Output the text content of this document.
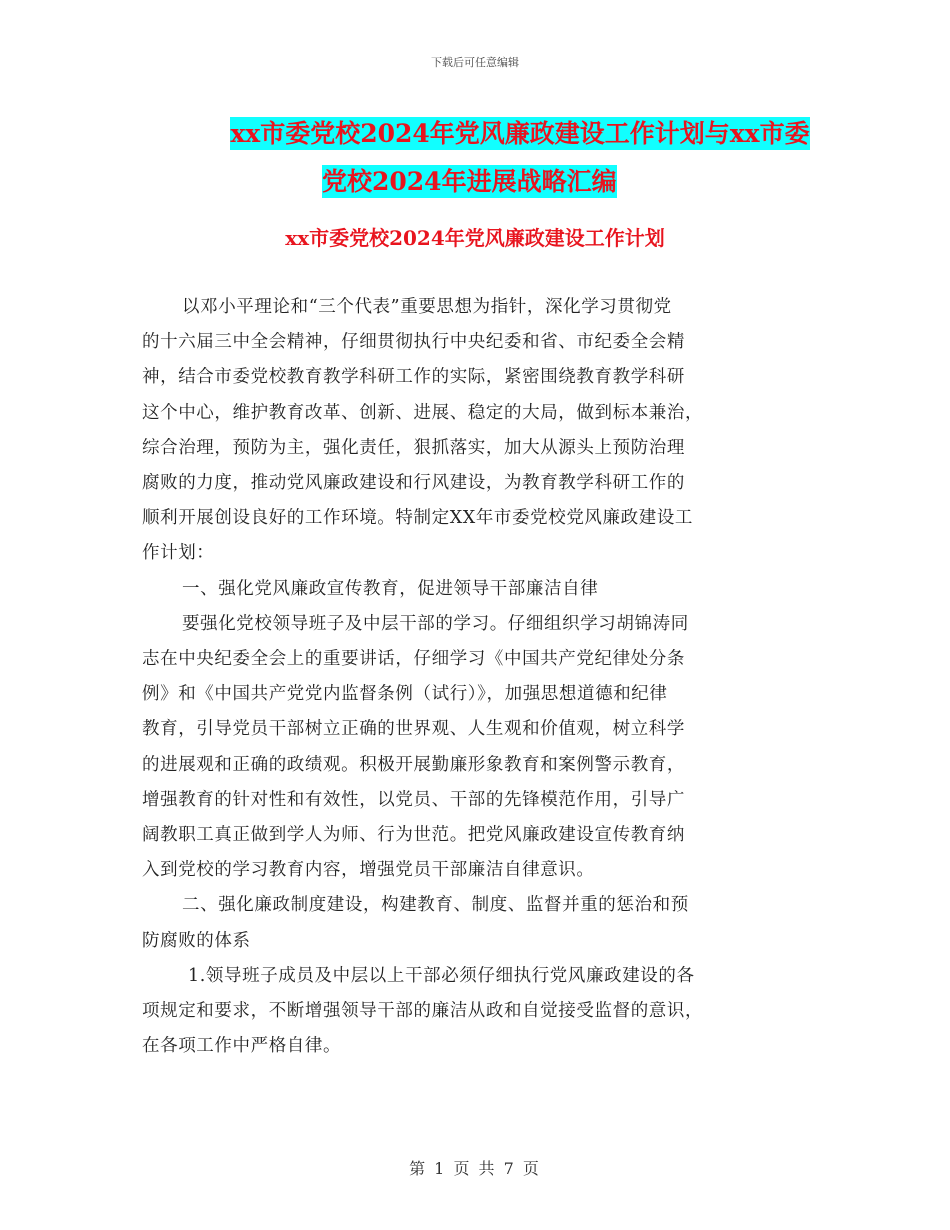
下载后可任意编辑
xx市委党校2024年党风廉政建设工作计划与xx市委
党校2024年进展战略汇编
xx市委党校2024年党风廉政建设工作计划
以邓小平理论和“三个代表”重要思想为指针，深化学习贯彻党
的十六届三中全会精神，仔细贯彻执行中央纪委和省、市纪委全会精
神，结合市委党校教育教学科研工作的实际，紧密围绕教育教学科研
这个中心，维护教育改革、创新、进展、稳定的大局，做到标本兼治，
综合治理，预防为主，强化责任，狠抓落实，加大从源头上预防治理
腐败的力度，推动党风廉政建设和行风建设，为教育教学科研工作的
顺利开展创设良好的工作环境。特制定XX年市委党校党风廉政建设工
作计划：
一、强化党风廉政宣传教育，促进领导干部廉洁自律
要强化党校领导班子及中层干部的学习。仔细组织学习胡锦涛同
志在中央纪委全会上的重要讲话，仔细学习《中国共产党纪律处分条
例》和《中国共产党党内监督条例（试行）》，加强思想道德和纪律
教育，引导党员干部树立正确的世界观、人生观和价值观，树立科学
的进展观和正确的政绩观。积极开展勤廉形象教育和案例警示教育，
增强教育的针对性和有效性，以党员、干部的先锋模范作用，引导广
阔教职工真正做到学人为师、行为世范。把党风廉政建设宣传教育纳
入到党校的学习教育内容，增强党员干部廉洁自律意识。
二、强化廉政制度建设，构建教育、制度、监督并重的惩治和预
防腐败的体系
1.领导班子成员及中层以上干部必须仔细执行党风廉政建设的各
项规定和要求，不断增强领导干部的廉洁从政和自觉接受监督的意识，
在各项工作中严格自律。
第 1 页 共 7 页
